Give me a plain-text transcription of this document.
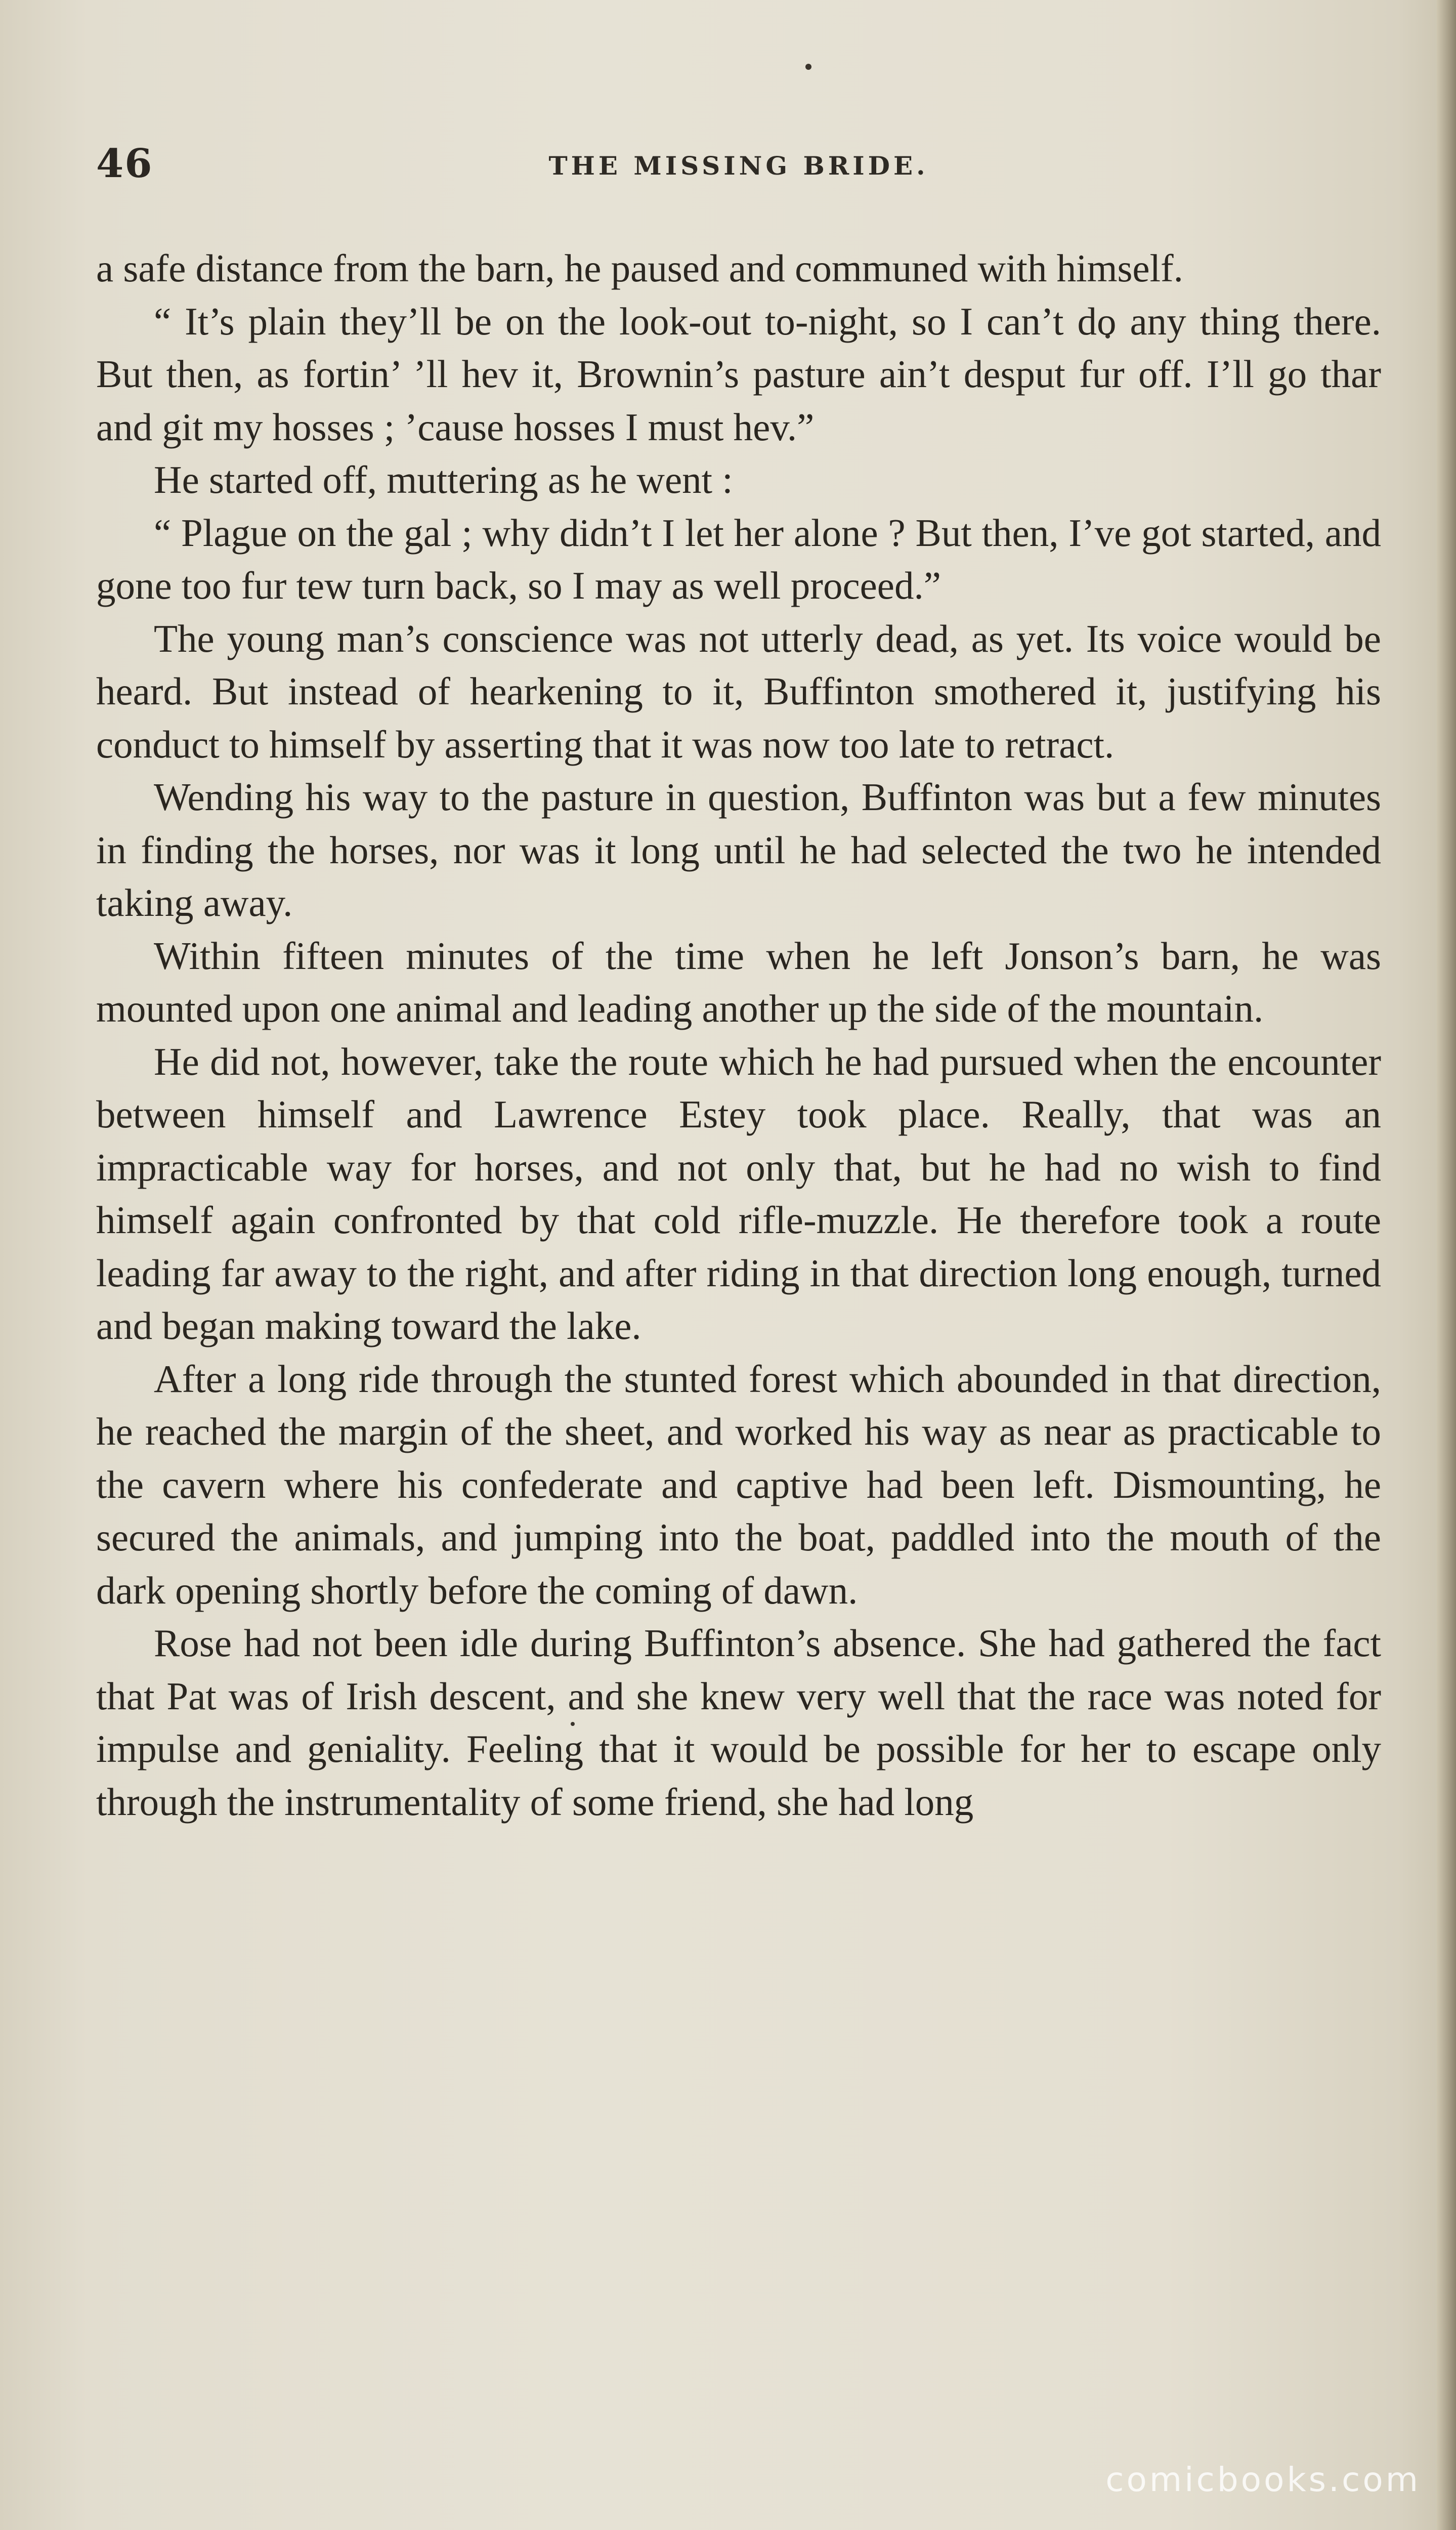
46	THE MISSING BRIDE.

a safe distance from the barn, he paused and communed with himself.

“ It’s plain they’ll be on the look-out to-night, so I can’t do any thing there. But then, as fortin’ ’ll hev it, Brownin’s pasture ain’t desput fur off. I’ll go thar and git my hosses ; ’cause hosses I must hev.”

He started off, muttering as he went :

“ Plague on the gal ; why didn’t I let her alone ? But then, I’ve got started, and gone too fur tew turn back, so I may as well proceed.”

The young man’s conscience was not utterly dead, as yet. Its voice would be heard. But instead of hearkening to it, Buffinton smothered it, justifying his conduct to himself by asserting that it was now too late to retract.

Wending his way to the pasture in question, Buffinton was but a few minutes in finding the horses, nor was it long until he had selected the two he intended taking away.

Within fifteen minutes of the time when he left Jonson’s barn, he was mounted upon one animal and leading another up the side of the mountain.

He did not, however, take the route which he had pursued when the encounter between himself and Lawrence Estey took place. Really, that was an impracticable way for horses, and not only that, but he had no wish to find himself again confronted by that cold rifle-muzzle. He therefore took a route leading far away to the right, and after riding in that direction long enough, turned and began making toward the lake.

After a long ride through the stunted forest which abounded in that direction, he reached the margin of the sheet, and worked his way as near as practicable to the cavern where his confederate and captive had been left. Dismounting, he secured the animals, and jumping into the boat, paddled into the mouth of the dark opening shortly before the coming of dawn.

Rose had not been idle during Buffinton’s absence. She had gathered the fact that Pat was of Irish descent, and she knew very well that the race was noted for impulse and geniality. Feeling that it would be possible for her to escape only through the instrumentality of some friend, she had long

comicbooks.com
